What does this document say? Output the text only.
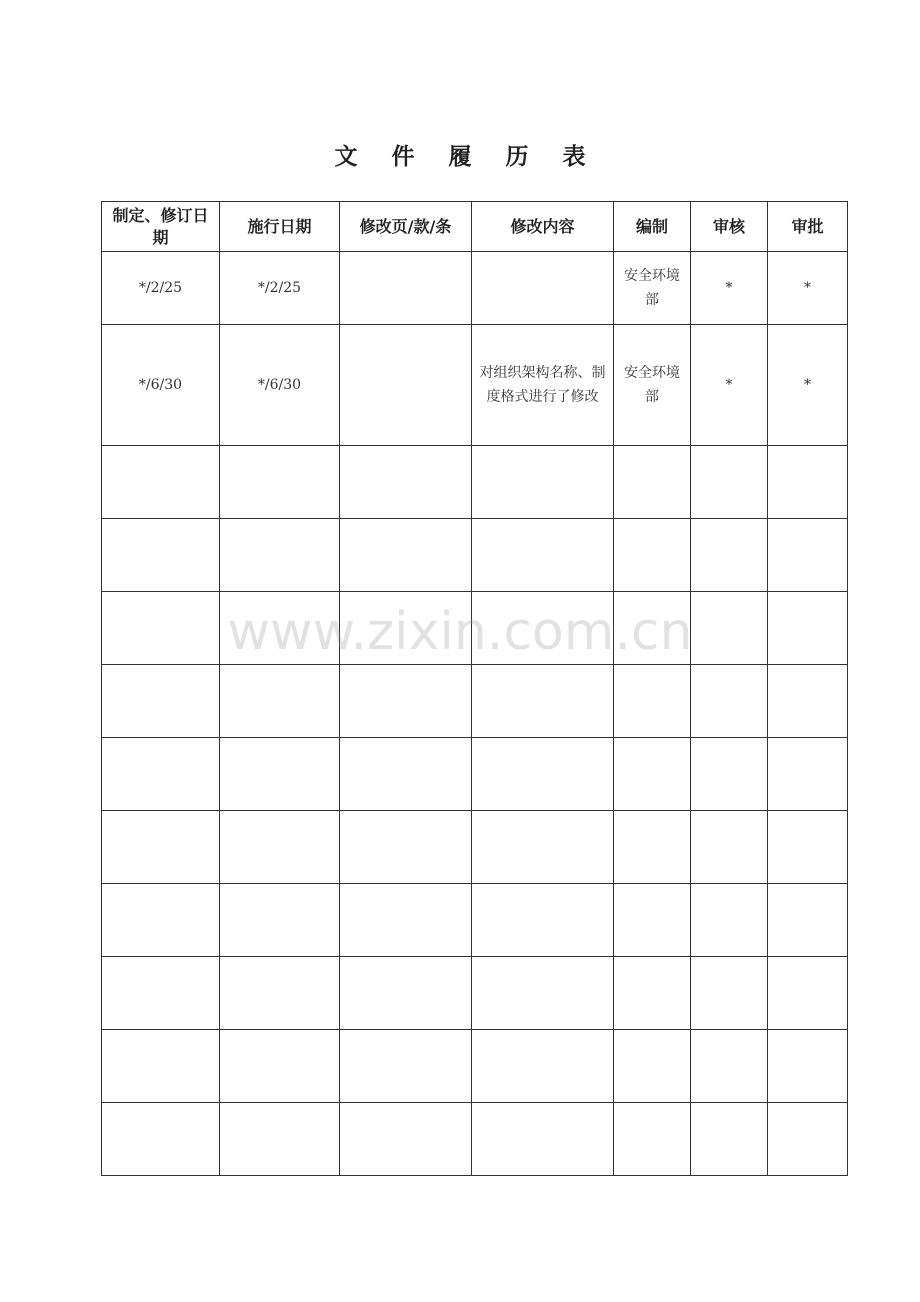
文 件 履 历 表
制定、修订日期	施行日期	修改页/款/条	修改内容	编制	审核	审批
*/2/25	*/2/25			安全环境部	*	*
*/6/30	*/6/30		对组织架构名称、制度格式进行了修改	安全环境部	*	*

www.zixin.com.cn
